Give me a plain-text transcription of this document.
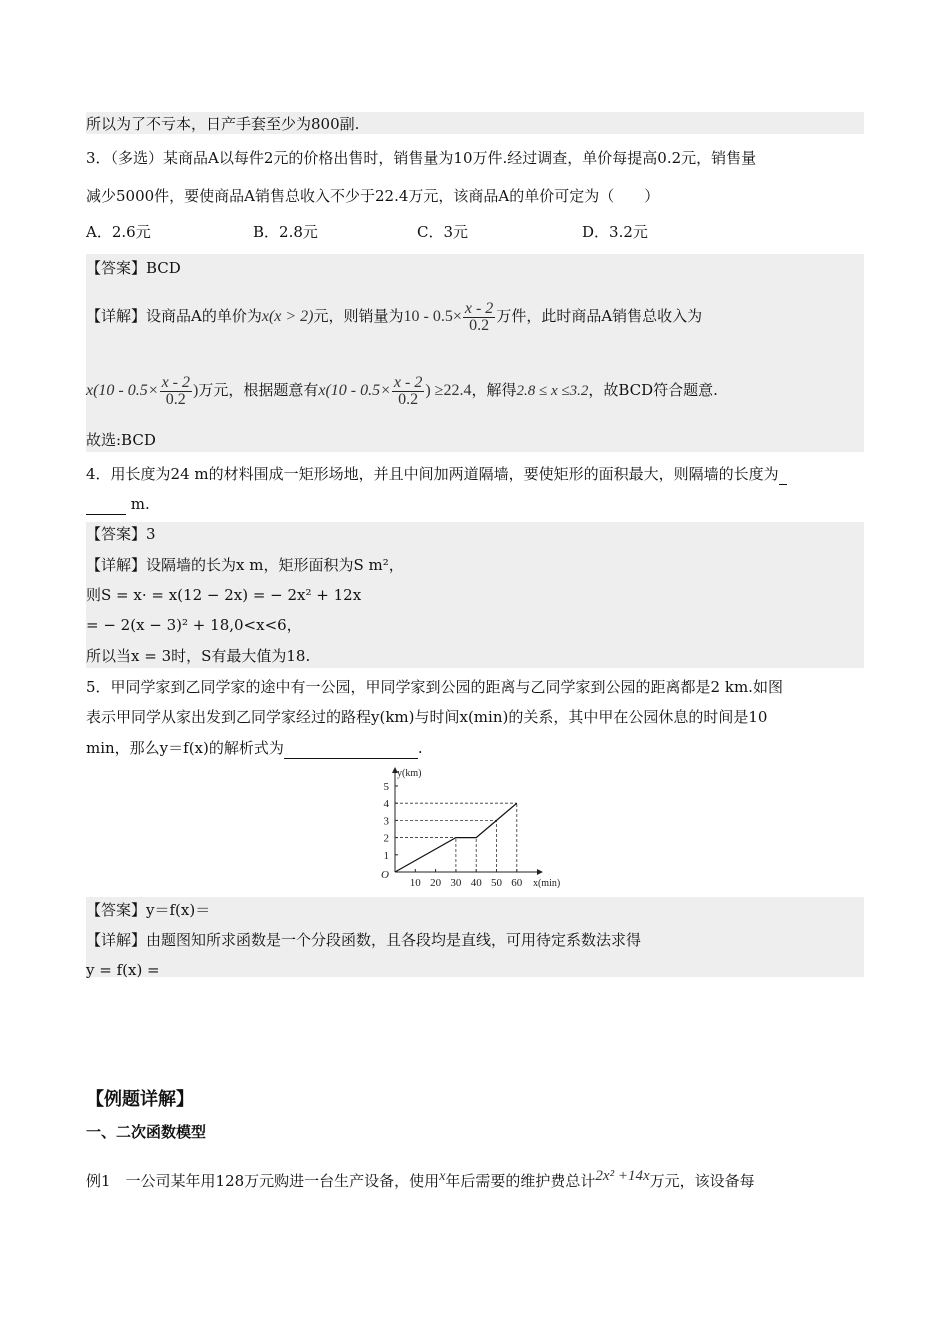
所以为了不亏本，日产手套至少为800副.
3．（多选）某商品A以每件2元的价格出售时，销售量为10万件.经过调查，单价每提高0.2元，销售量
减少5000件，要使商品A销售总收入不少于22.4万元，该商品A的单价可定为（　　）
A．2.6元	B．2.8元	C．3元	D．3.2元
【答案】BCD
【详解】设商品A的单价为x(x > 2)元，则销量为$10 - 0.5\times \frac{x - 2}{0.2}$ 万件，此时商品A销售总收入为
$x(10 - 0.5\times \frac{x - 2}{0.2}$ )万元，根据题意有$x(10 - 0.5\times \frac{x - 2}{0.2}$ ) ≥22.4，解得2.8 ≤ x ≤3.2，故BCD符合题意.
故选:BCD
4．用长度为24 m的材料围成一矩形场地，并且中间加两道隔墙，要使矩形的面积最大，则隔墙的长度为
m.
【答案】3
【详解】设隔墙的长为x m，矩形面积为S m²，
则S = x· = x(12 − 2x) = − 2x² + 12x
= − 2(x − 3)² + 18,0<x<6，
所以当x = 3时，S有最大值为18.
5．甲同学家到乙同学家的途中有一公园，甲同学家到公园的距离与乙同学家到公园的距离都是2 km.如图
表示甲同学从家出发到乙同学家经过的路程y(km)与时间x(min)的关系，其中甲在公园休息的时间是10
min，那么y＝f(x)的解析式为	.
【答案】y＝f(x)＝
【详解】由题图知所求函数是一个分段函数，且各段均是直线，可用待定系数法求得
y = f(x) =
【例题详解】
一、二次函数模型
例1　一公司某年用128万元购进一台生产设备，使用x年后需要的维护费总计2x² +14x万元，该设备每
10 20 30 40 50 60
1
2
3
4
5
O
y(km)
x(min)
